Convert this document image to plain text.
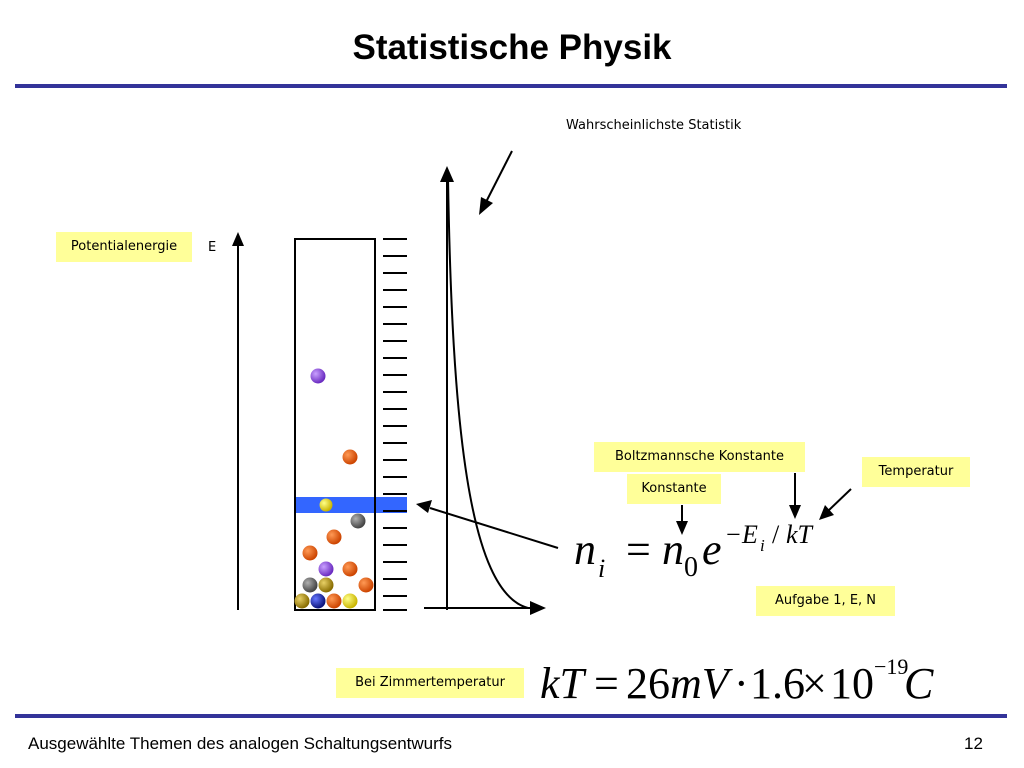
Statistische Physik
Wahrscheinlichste Statistik
Potentialenergie	E
Boltzmannsche Konstante
Temperatur
Konstante
Aufgabe 1, E, N
Bei Zimmertemperatur
n i = n 0 e − E i / kT
kT = 26 mV · 1.6
× 10 −19
C
Ausgewählte Themen des analogen Schaltungsentwurfs	12
